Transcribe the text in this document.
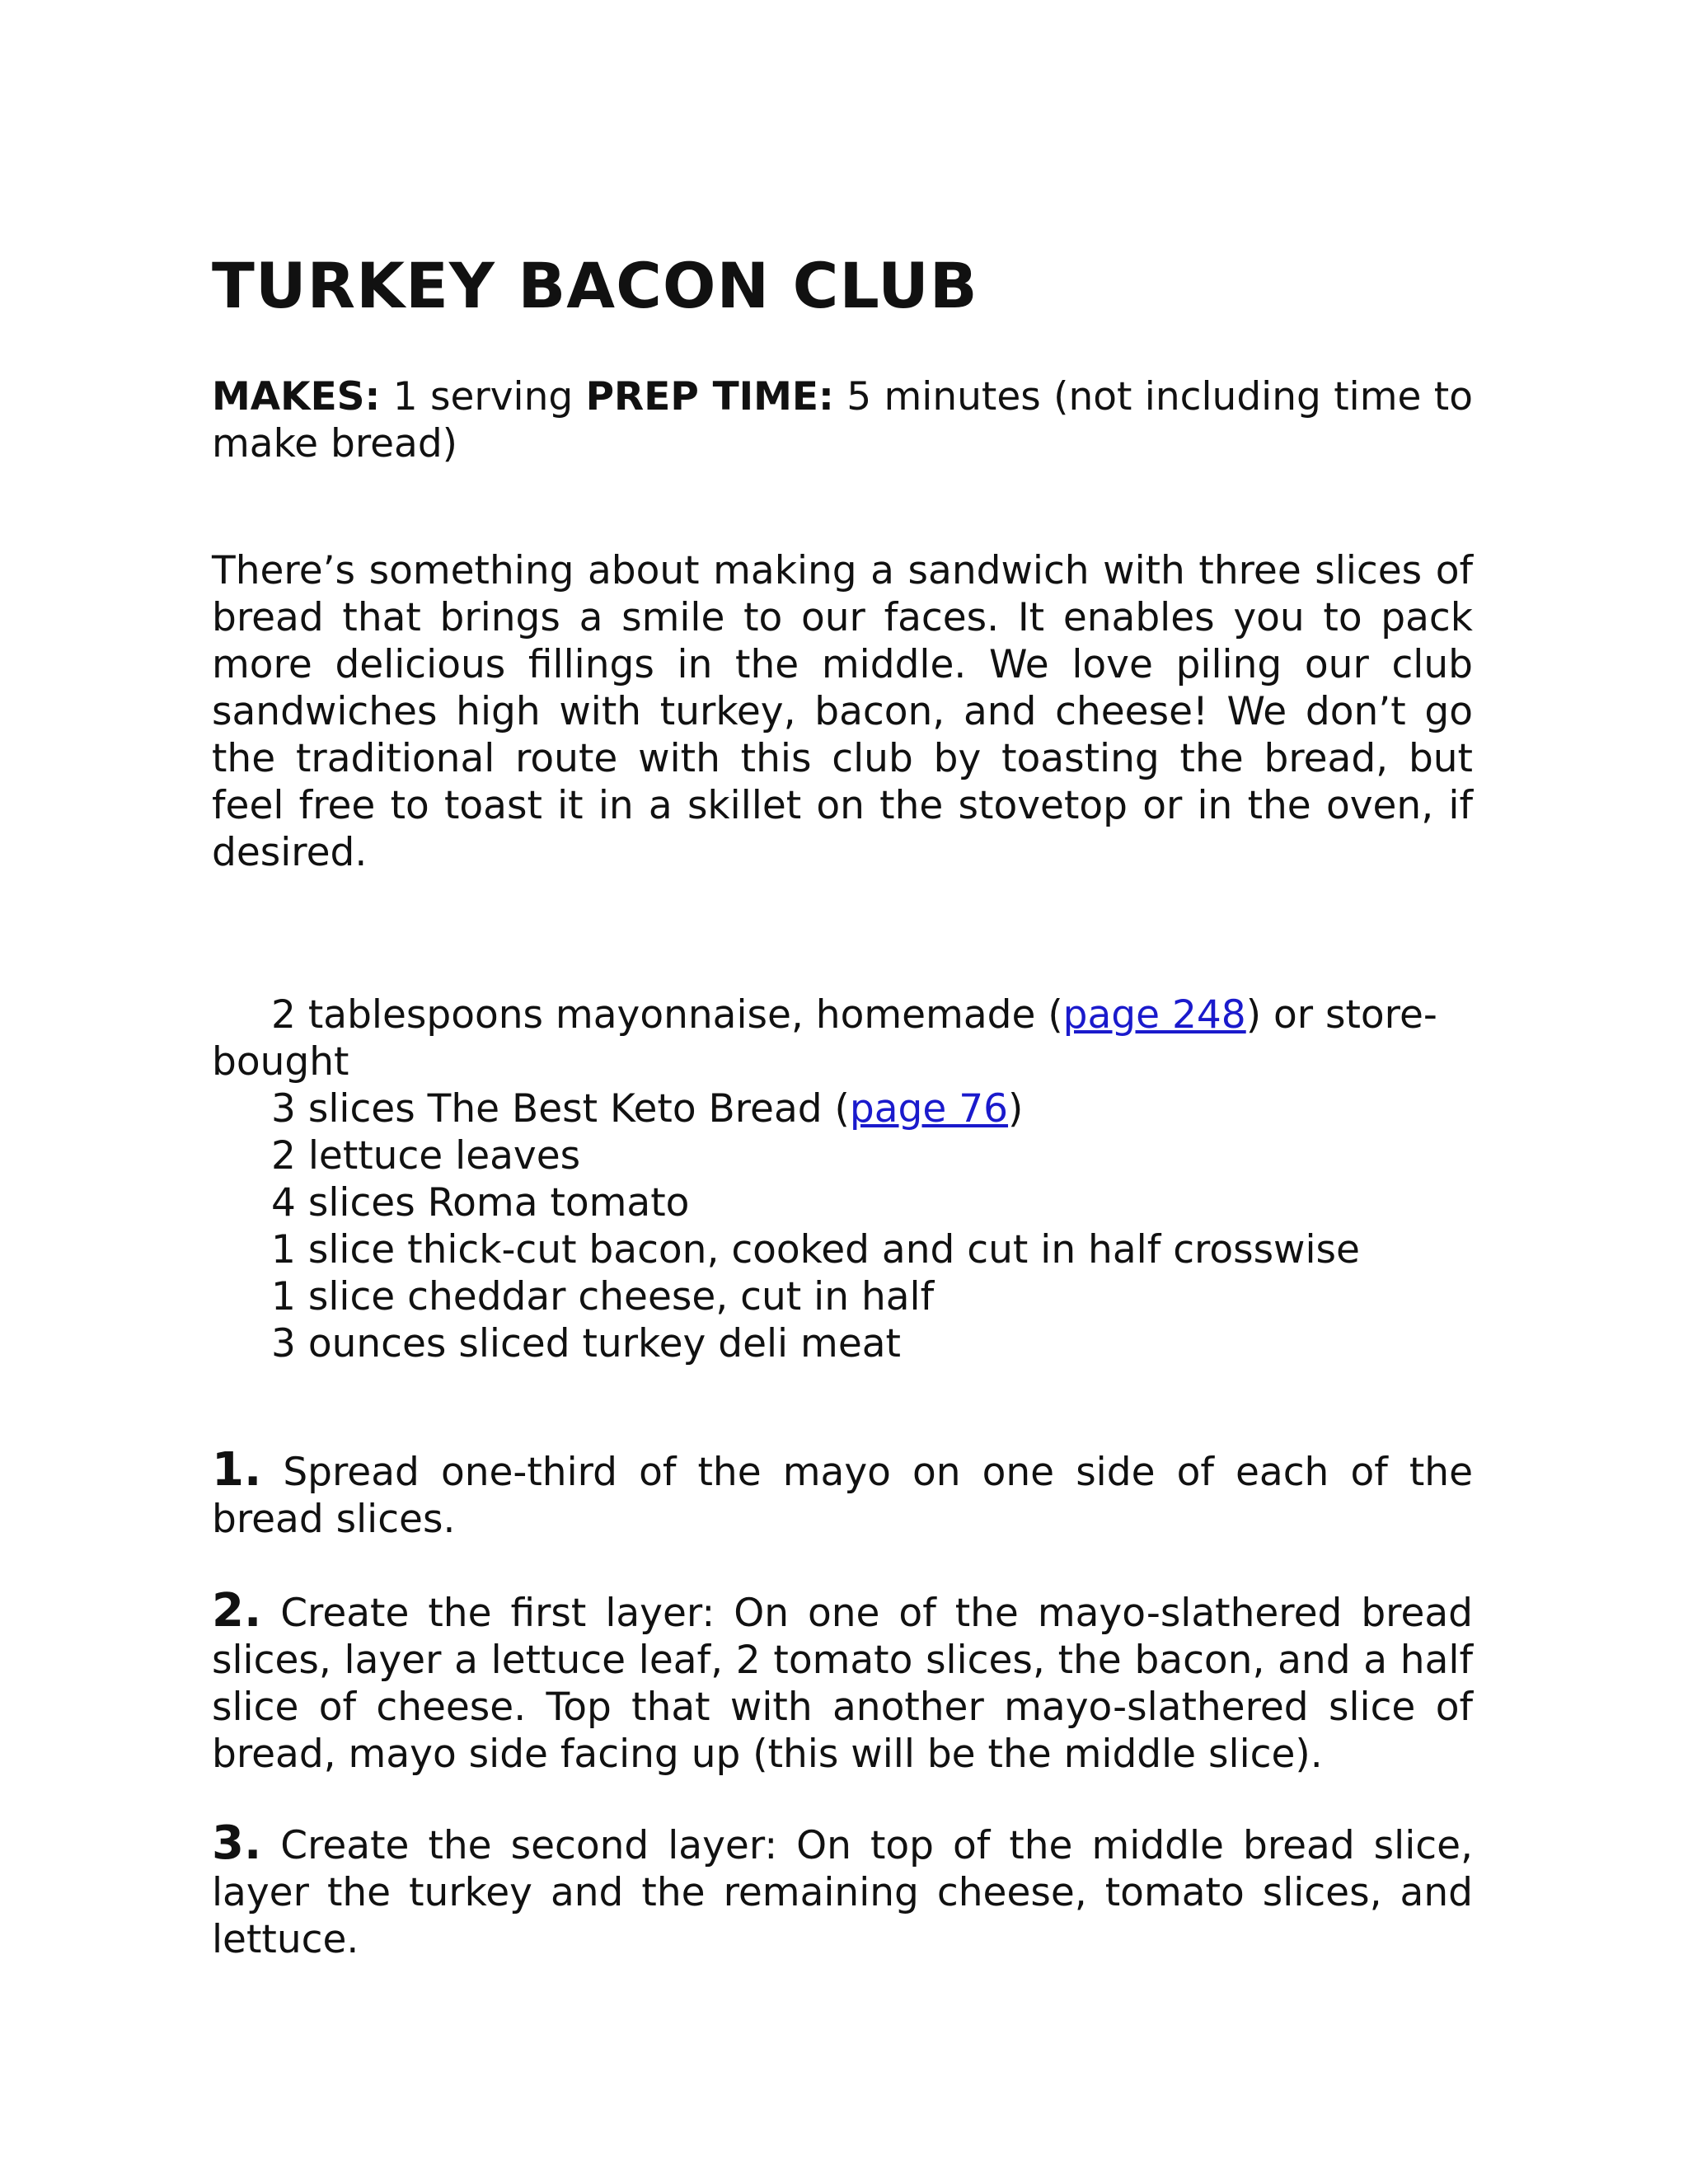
TURKEY BACON CLUB

MAKES: 1 serving PREP TIME: 5 minutes (not including time to make bread)

There’s something about making a sandwich with three slices of bread that brings a smile to our faces. It enables you to pack more delicious fillings in the middle. We love piling our club sandwiches high with turkey, bacon, and cheese! We don’t go the traditional route with this club by toasting the bread, but feel free to toast it in a skillet on the stovetop or in the oven, if desired.

2 tablespoons mayonnaise, homemade (page 248) or store-bought
3 slices The Best Keto Bread (page 76)
2 lettuce leaves
4 slices Roma tomato
1 slice thick-cut bacon, cooked and cut in half crosswise
1 slice cheddar cheese, cut in half
3 ounces sliced turkey deli meat

1. Spread one-third of the mayo on one side of each of the bread slices.

2. Create the first layer: On one of the mayo-slathered bread slices, layer a lettuce leaf, 2 tomato slices, the bacon, and a half slice of cheese. Top that with another mayo-slathered slice of bread, mayo side facing up (this will be the middle slice).

3. Create the second layer: On top of the middle bread slice, layer the turkey and the remaining cheese, tomato slices, and lettuce.
